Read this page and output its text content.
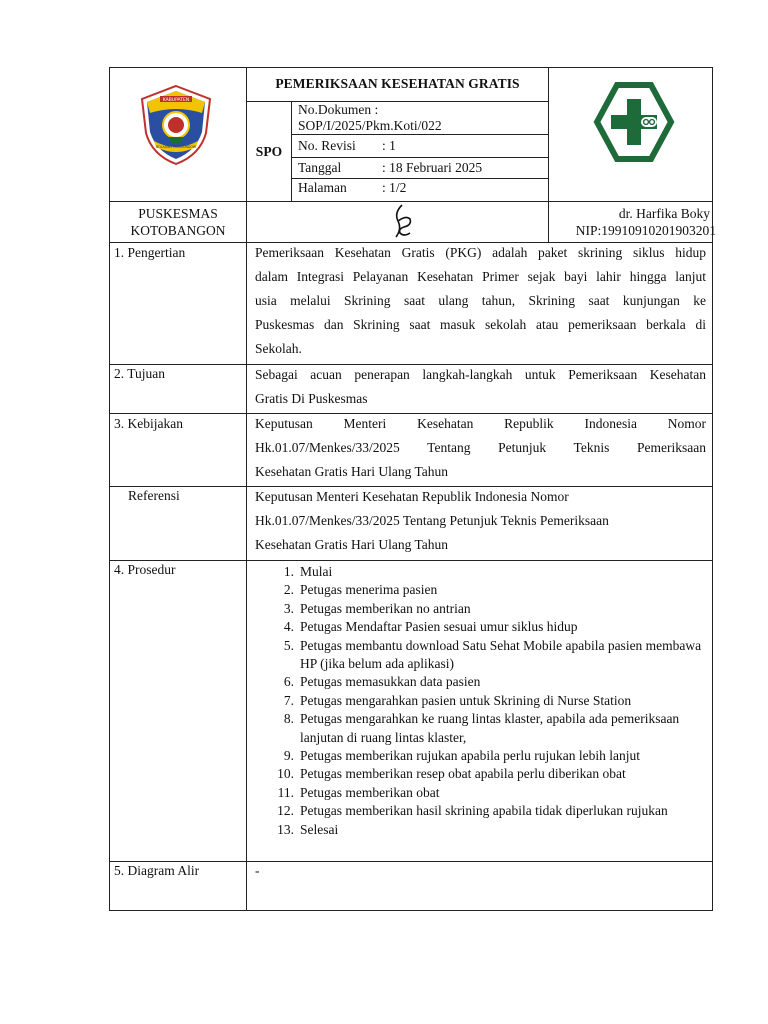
KABUPATEN
BOLAANG MONGONDOW
PEMERIKSAAN KESEHATAN GRATIS
SPO
No.Dokumen :
SOP/I/2025/Pkm.Koti/022
No. Revisi : 1
Tanggal	: 18 Februari 2025
Halaman	: 1/2
PUSKESMAS
KOTOBANGON
dr. Harfika Boky
NIP:19910910201903201
1. Pengertian
2. Tujuan
3. Kebijakan
Referensi
4. Prosedur
5. Diagram Alir
Pemeriksaan Kesehatan Gratis (PKG) adalah paket skrining siklus hidup
dalam Integrasi Pelayanan Kesehatan Primer sejak bayi lahir hingga lanjut
usia melalui Skrining saat ulang tahun, Skrining saat kunjungan ke
Puskesmas dan Skrining saat masuk sekolah atau pemeriksaan berkala di
Sekolah.
Sebagai acuan penerapan langkah-langkah untuk Pemeriksaan Kesehatan
Gratis Di Puskesmas
Keputusan Menteri Kesehatan Republik Indonesia Nomor
Hk.01.07/Menkes/33/2025 Tentang Petunjuk Teknis Pemeriksaan
Kesehatan Gratis Hari Ulang Tahun
Keputusan Menteri Kesehatan Republik Indonesia Nomor
Hk.01.07/Menkes/33/2025 Tentang Petunjuk Teknis Pemeriksaan
Kesehatan Gratis Hari Ulang Tahun
1. Mulai
2. Petugas menerima pasien
3. Petugas memberikan no antrian
4. Petugas Mendaftar Pasien sesuai umur siklus hidup
5. Petugas membantu download Satu Sehat Mobile apabila pasien membawa HP (jika belum ada aplikasi)
6. Petugas memasukkan data pasien
7. Petugas mengarahkan pasien untuk Skrining di Nurse Station
8. Petugas mengarahkan ke ruang lintas klaster, apabila ada pemeriksaan lanjutan di ruang lintas klaster,
9. Petugas memberikan rujukan apabila perlu rujukan lebih lanjut
10. Petugas memberikan resep obat apabila perlu diberikan obat
11. Petugas memberikan obat
12. Petugas memberikan hasil skrining apabila tidak diperlukan rujukan
13. Selesai
-
